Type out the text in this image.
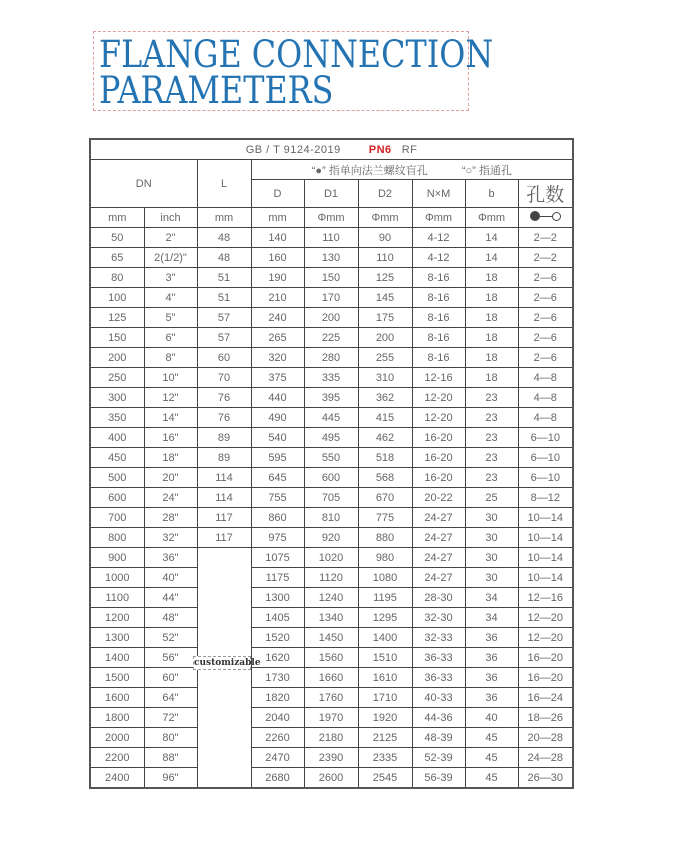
FLANGE CONNECTION
PARAMETERS
GB / T 9124-2019 PN6 RF								
DN		L	“●” 指单向法兰螺纹盲孔 “○” 指通孔					
			D	D1	D2	N×M	b	孔数
mm	inch	mm	mm	Φmm	Φmm	Φmm	Φmm	

50	2"	48	140	110	90	4-12	14	2—2
65	2(1/2)"	48	160	130	110	4-12	14	2—2
80	3"	51	190	150	125	8-16	18	2—6
100	4"	51	210	170	145	8-16	18	2—6
125	5"	57	240	200	175	8-16	18	2—6
150	6"	57	265	225	200	8-16	18	2—6
200	8"	60	320	280	255	8-16	18	2—6
250	10"	70	375	335	310	12-16	18	4—8
300	12"	76	440	395	362	12-20	23	4—8
350	14"	76	490	445	415	12-20	23	4—8
400	16"	89	540	495	462	16-20	23	6—10
450	18"	89	595	550	518	16-20	23	6—10
500	20"	114	645	600	568	16-20	23	6—10
600	24"	114	755	705	670	20-22	25	8—12
700	28"	117	860	810	775	24-27	30	10—14
800	32"	117	975	920	880	24-27	30	10—14
900	36"		1075	1020	980	24-27	30	10—14
1000	40"		1175	1120	1080	24-27	30	10—14
1100	44"		1300	1240	1195	28-30	34	12—16
1200	48"		1405	1340	1295	32-30	34	12—20
1300	52"		1520	1450	1400	32-33	36	12—20
1400	56"		1620	1560	1510	36-33	36	16—20
1500	60"		1730	1660	1610	36-33	36	16—20
1600	64"		1820	1760	1710	40-33	36	16—24
1800	72"		2040	1970	1920	44-36	40	18—26
2000	80"		2260	2180	2125	48-39	45	20—28
2200	88"		2470	2390	2335	52-39	45	24—28
2400	96"		2680	2600	2545	56-39	45	26—30
customizable
